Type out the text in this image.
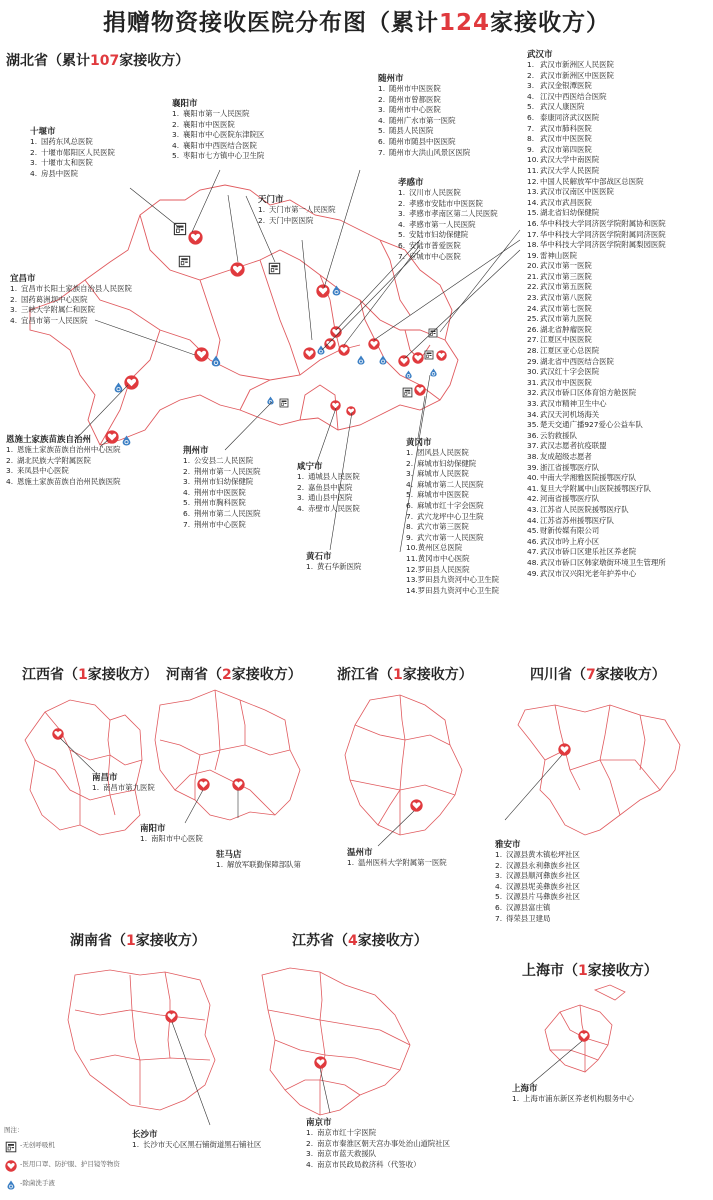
捐赠物资接收医院分布图（累计124家接收方）
湖北省（累计107家接收方）
十堰市
1. 国药东风总医院
2. 十堰市郧阳区人民医院
3. 十堰市太和医院
4. 房县中医院
襄阳市
1. 襄阳市第一人民医院
2. 襄阳市中医医院
3. 襄阳市中心医院东津院区
4. 襄阳市中西医结合医院
5. 枣阳市七方镇中心卫生院
随州市
1. 随州市中医医院
2. 随州市曾都医院
3. 随州市中心医院
4. 随州广水市第一医院
5. 随县人民医院
6. 随州市随县中医医院
7. 随州市大洪山风景区医院
天门市
1. 天门市第一人民医院
2. 天门中医医院
孝感市
1. 汉川市人民医院
2. 孝感市安陆市中医医院
3. 孝感市孝南区第二人民医院
4. 孝感市第一人民医院
5. 安陆市妇幼保健院
6. 安陆市普爱医院
7. 应城市中心医院
宜昌市
1. 宜昌市长阳土家族自治县人民医院
2. 国药葛洲坝中心医院
3. 三峡大学附属仁和医院
4. 宜昌市第一人民医院
恩施土家族苗族自治州
1. 恩施土家族苗族自治州中心医院
2. 湖北民族大学附属医院
3. 来凤县中心医院
4. 恩施土家族苗族自治州民族医院
荆州市
1. 公安县二人民医院
2. 荆州市第一人民医院
3. 荆州市妇幼保健院
4. 荆州市中医医院
5. 荆州市胸科医院
6. 荆州市第二人民医院
7. 荆州市中心医院
咸宁市
1. 通城县人民医院
2. 嘉鱼县中医院
3. 通山县中医院
4. 赤壁市人民医院
黄石市
1. 黄石华新医院
黄冈市
1. 团风县人民医院
2. 麻城市妇幼保健院
3. 麻城市人民医院
4. 麻城市第二人民医院
5. 麻城市中医医院
6. 麻城市红十字会医院
7. 武穴龙坪中心卫生院
8. 武穴市第三医院
9. 武穴市第一人民医院
10.黄州区总医院
11.黄冈市中心医院
12.罗田县人民医院
13.罗田县九资河中心卫生院
14.罗田县九资河中心卫生院
武汉市
1. 武汉市新洲区人民医院
2. 武汉市新洲区中医医院
3. 武汉金银潭医院
4. 江汉中西医结合医院
5. 武汉人康医院
6. 泰康同济武汉医院
7. 武汉市肺科医院
8. 武汉市中医医院
9. 武汉市第四医院
10.武汉大学中南医院
11.武汉大学人民医院
12.中国人民解放军中部战区总医院
13.武汉市汉南区中医医院
14.武汉市武昌医院
15.湖北省妇幼保健院
16.华中科技大学同济医学院附属协和医院
17.华中科技大学同济医学院附属同济医院
18.华中科技大学同济医学院附属梨园医院
19.雷神山医院
20.武汉市第一医院
21.武汉市第三医院
22.武汉市第五医院
23.武汉市第八医院
24.武汉市第七医院
25.武汉市第九医院
26.湖北省肿瘤医院
27.江夏区中医医院
28.江夏区亚心总医院
29.湖北省中西医结合医院
30.武汉红十字会医院
31.武汉市中医医院
32.武汉市硚口区体育馆方舱医院
33.武汉市精神卫生中心
34.武汉天河机场海关
35.楚天交通广播927爱心公益车队
36.云豹救援队
37.武汉志愿者抗疫联盟
38.友成超级志愿者
39.浙江省援鄂医疗队
40.中南大学湘雅医院援鄂医疗队
41.复旦大学附属中山医院援鄂医疗队
42.河南省援鄂医疗队
43.江苏省人民医院援鄂医疗队
44.江苏省苏州援鄂医疗队
45.财新传媒有限公司
46.武汉市吟上府小区
47.武汉市硚口区建乐社区养老院
48.武汉市硚口区韩家墩街环境卫生管理所
49.武汉市汉兴阳光老年护养中心
江西省（1家接收方） 河南省（2家接收方）	浙江省（1家接收方）	四川省（7家接收方）
湖南省（1家接收方）	江苏省（4家接收方）
上海市（1家接收方）
南昌市
1. 南昌市第九医院
南阳市
1. 南阳市中心医院
驻马店
1. 解放军联勤保障部队第
温州市
1. 温州医科大学附属第一医院
雅安市
1. 汉源县黄木镇松坪社区
2. 汉源县永利彝族乡社区
3. 汉源县顺河彝族乡社区
4. 汉源县坭美彝族乡社区
5. 汉源县片马彝族乡社区
6. 汉源县富庄镇
7. 得荣县卫建局
长沙市
1. 长沙市天心区黑石铺街道黑石铺社区
南京市
1. 南京市红十字医院
2. 南京市秦淮区朝天宫办事处治山道院社区
3. 南京市蓝天救援队
4. 南京市民政局救济科（代签收）
上海市
1. 上海市浦东新区养老机构服务中心
图注：
-无创呼吸机
-医用口罩、防护服、护目镜等物资
-除菌洗手液
